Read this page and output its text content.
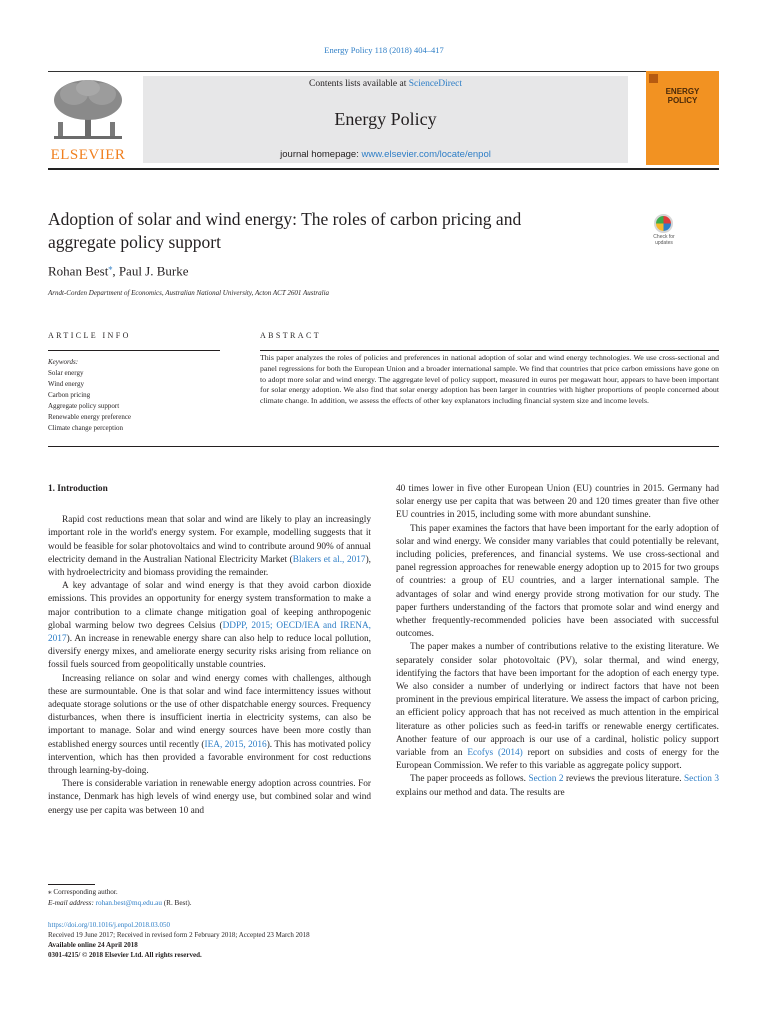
Energy Policy 118 (2018) 404–417
ELSEVIER
Contents lists available at ScienceDirect
Energy Policy
journal homepage: www.elsevier.com/locate/enpol
ENERGY
POLICY
Adoption of solar and wind energy: The roles of carbon pricing and
aggregate policy support	Check for
updates
Rohan Best⁎, Paul J. Burke
Arndt-Corden Department of Economics, Australian National University, Acton ACT 2601 Australia
ARTICLE INFO	ABSTRACT
Keywords:
Solar energy
Wind energy
Carbon pricing
Aggregate policy support
Renewable energy preference
Climate change perception
This paper analyzes the roles of policies and preferences in national adoption of solar and wind energy technologies. We use cross-sectional and panel regressions for both the European Union and a broader international sample. We find that countries that price carbon emissions have gone on to adopt more solar and wind energy. The aggregate level of policy support, measured in euros per megawatt hour, appears to have been important for solar energy adoption. We also find that solar energy adoption has been larger in countries with higher proportions of people concerned about climate change. In addition, we assess the effects of other key explanators including financial system size and income levels.
1. Introduction

Rapid cost reductions mean that solar and wind are likely to play an increasingly important role in the world's energy system. For example, modelling suggests that it would be feasible for solar photovoltaics and wind to contribute around 90% of annual electricity demand in the Australian National Electricity Market (Blakers et al., 2017), with hydroelectricity and biomass providing the remainder.

A key advantage of solar and wind energy is that they avoid carbon dioxide emissions. This provides an opportunity for energy system transformation to make a major contribution to a climate change mitigation goal of keeping anthropogenic global warming below two degrees Celsius (DDPP, 2015; OECD/IEA and IRENA, 2017). An increase in renewable energy share can also help to reduce local pollution, diversify energy mixes, and ameliorate energy security risks arising from reliance on fossil fuels sourced from geopolitically unstable countries.

Increasing reliance on solar and wind energy comes with challenges, although these are surmountable. One is that solar and wind face intermittency issues without adequate storage solutions or the use of other dispatchable energy sources. Frequency disturbances, when there is insufficient inertia in electricity systems, can also be important to manage. Solar and wind energy sources have been more costly than established energy sources until recently (IEA, 2015, 2016). This has motivated policy intervention, which has then provided a favorable environment for cost reductions through learning-by-doing.

There is considerable variation in renewable energy adoption across countries. For instance, Denmark has high levels of wind energy use, but combined solar and wind energy use per capita was between 10 and

40 times lower in five other European Union (EU) countries in 2015. Germany had solar energy use per capita that was between 20 and 120 times greater than five other EU countries in 2015, including some with more abundant sunshine.

This paper examines the factors that have been important for the early adoption of solar and wind energy. We consider many variables that could potentially be relevant, including policies, preferences, and financial systems. We use cross-sectional and panel regression approaches for renewable energy adoption up to 2015 for two groups of countries: a group of EU countries, and a larger international sample. The advantages of solar and wind energy provide strong motivation for our study. The paper furthers understanding of the factors that promote solar and wind energy and whether frequently-recommended policies have been associated with successful outcomes.

The paper makes a number of contributions relative to the existing literature. We separately consider solar photovoltaic (PV), solar thermal, and wind energy, identifying the factors that have been important for the adoption of each energy type. We also consider a number of underlying or indirect factors that have not been prominent in the previous empirical literature. We assess the impact of carbon pricing, an efficient policy approach that has not received as much attention in the empirical literature as other policies such as feed-in tariffs or renewable energy certificates. Another feature of our approach is our use of a cardinal, holistic policy support variable from an Ecofys (2014) report on subsidies and costs of energy for the European Commission. We refer to this variable as aggregate policy support.

The paper proceeds as follows. Section 2 reviews the previous literature. Section 3 explains our method and data. The results are

⁎ Corresponding author.
E-mail address: rohan.best@mq.edu.au (R. Best).
https://doi.org/10.1016/j.enpol.2018.03.050
Received 19 June 2017; Received in revised form 2 February 2018; Accepted 23 March 2018
Available online 24 April 2018
0301-4215/ © 2018 Elsevier Ltd. All rights reserved.
